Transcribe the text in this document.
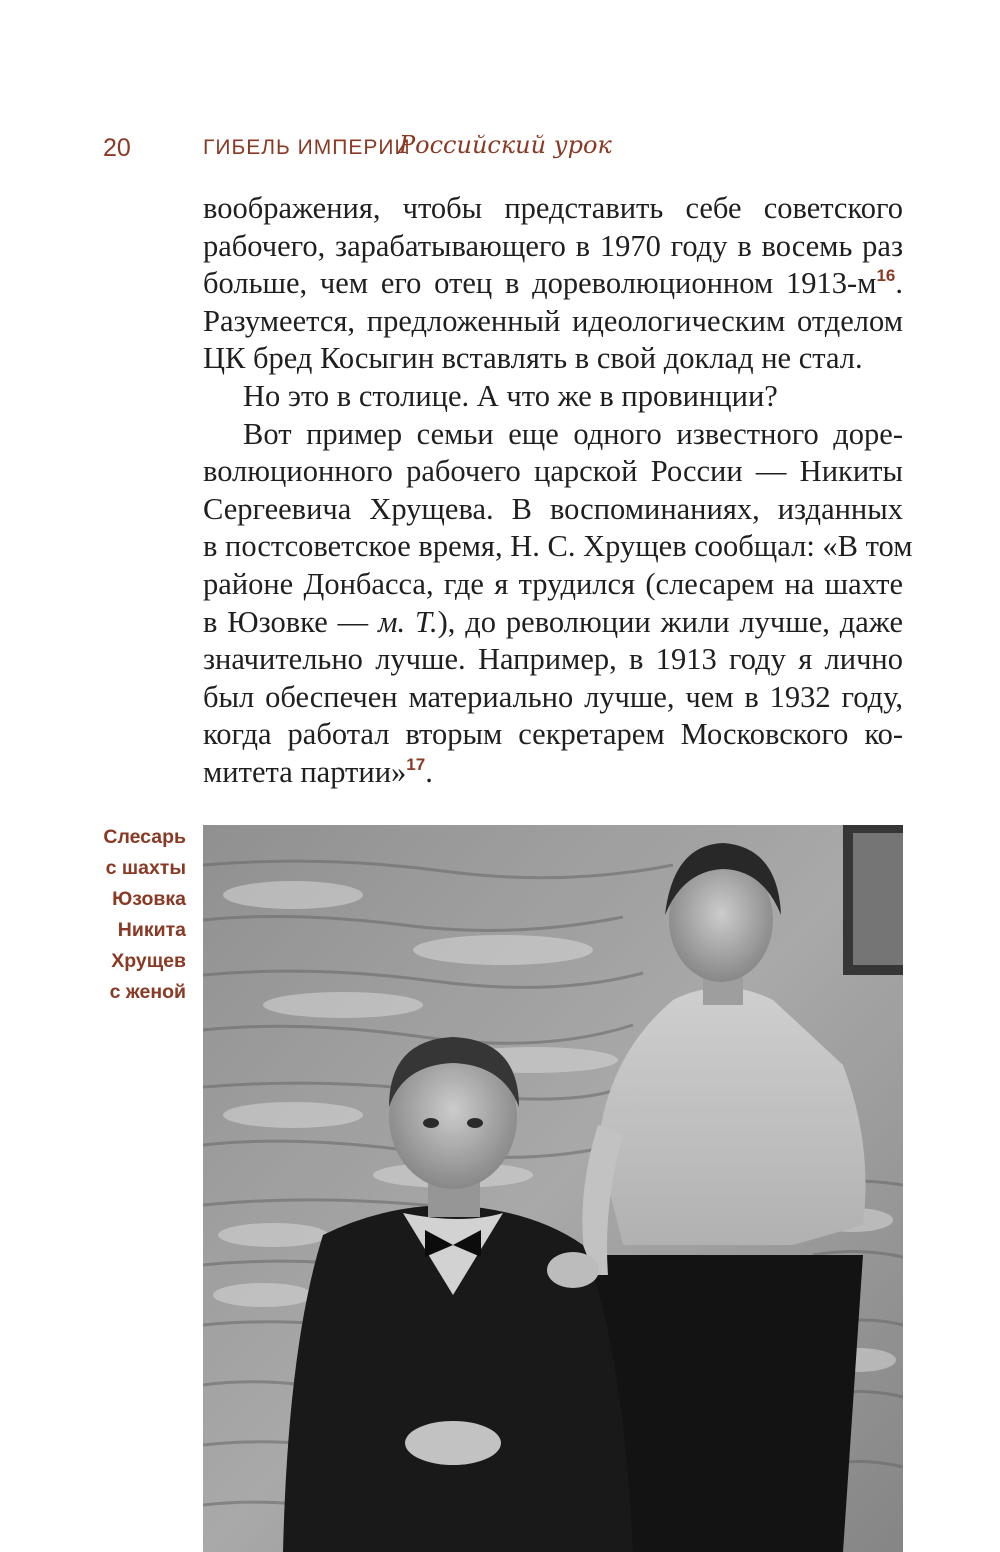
20	ГИБЕЛЬ ИМПЕРИИ
Российский урок
воображения, чтобы представить себе советского
рабочего, зарабатывающего в 1970 году в восемь раз
больше, чем его отец в дореволюционном 1913-м$^{16}$.
Разумеется, предложенный идеологическим отделом
ЦК бред Косыгин вставлять в свой доклад не стал.
Но это в столице. А что же в провинции?
Вот пример семьи еще одного известного доре-
волюционного рабочего царской России — Никиты
Сергеевича Хрущева. В воспоминаниях, изданных
в постсоветское время, Н. С. Хрущев сообщал: «В том
районе Донбасса, где я трудился (слесарем на шахте
в Юзовке — м. Т.), до революции жили лучше, даже
значительно лучше. Например, в 1913 году я лично
был обеспечен материально лучше, чем в 1932 году,
когда работал вторым секретарем Московского ко-
митета партии»$^{17}$.
Слесарь
с шахты
Юзовка
Никита
Хрущев
с женой
